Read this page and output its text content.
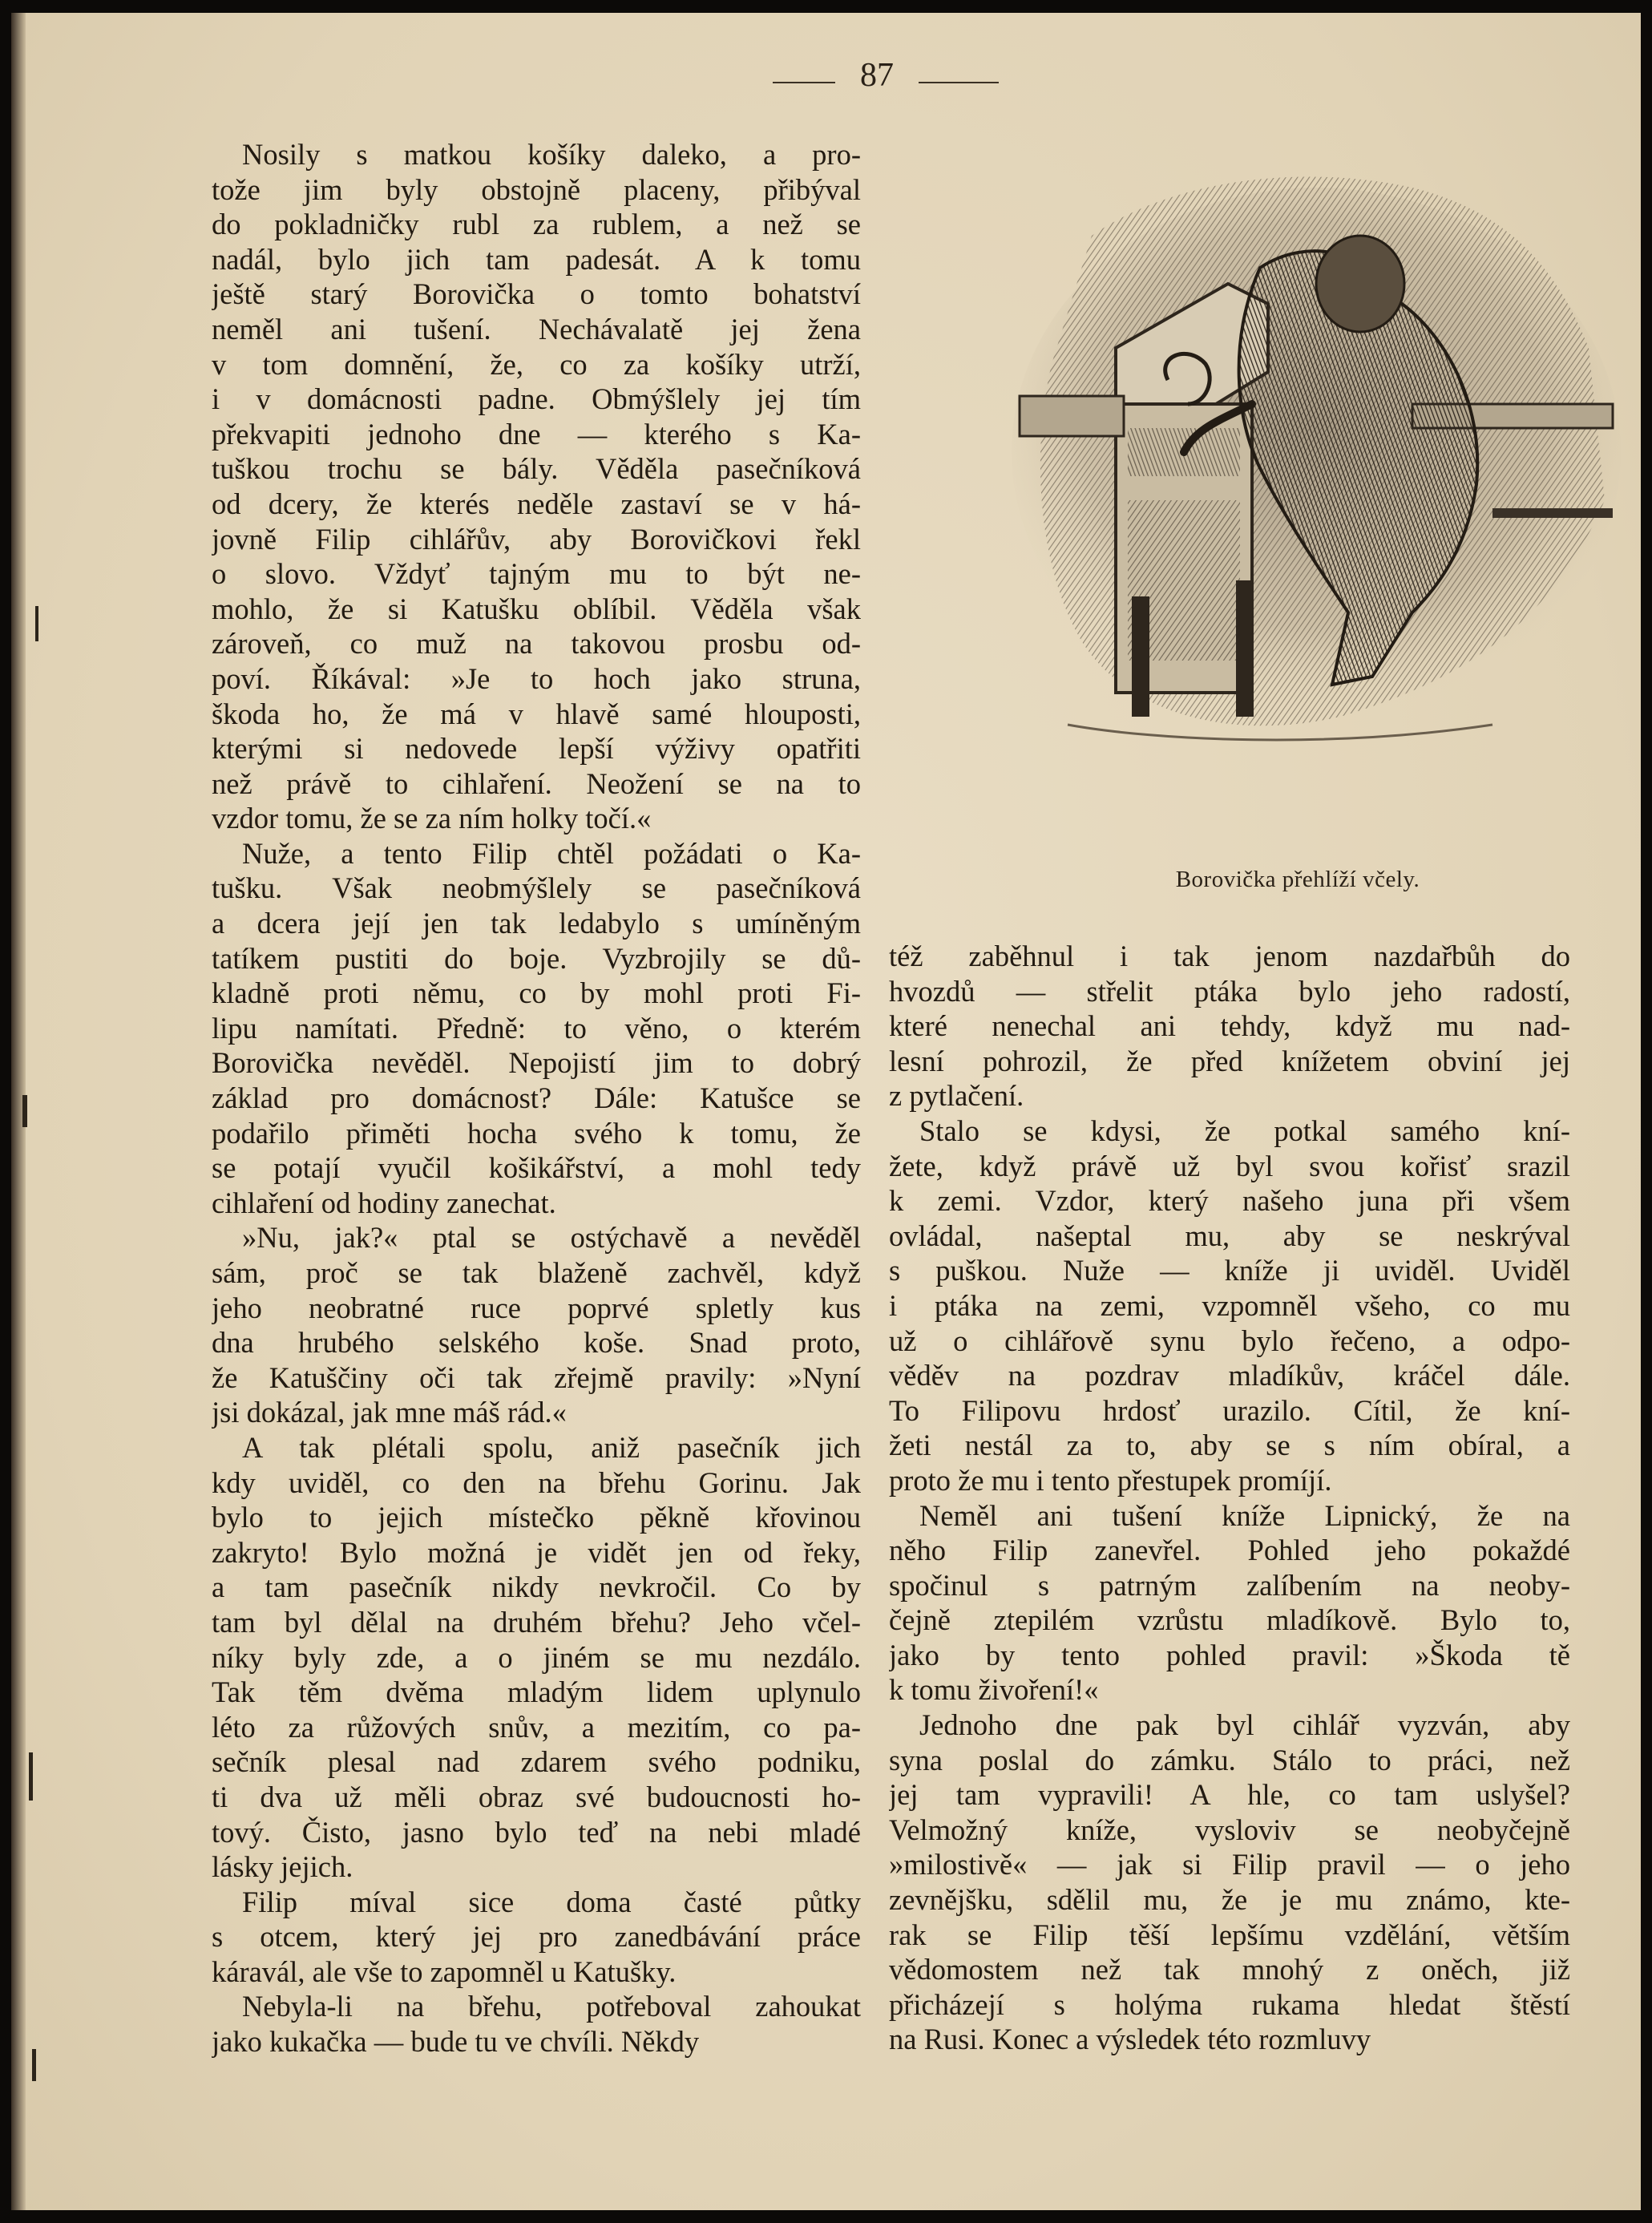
87
Nosily s matkou košíky daleko, a pro-
tože jim byly obstojně placeny, přibýval
do pokladničky rubl za rublem, a než se
nadál, bylo jich tam padesát. A k tomu
ještě starý Borovička o tomto bohatství
neměl ani tušení. Nechávalatě jej žena
v tom domnění, že, co za košíky utrží,
i v domácnosti padne. Obmýšlely jej tím
překvapiti jednoho dne — kterého s Ka-
tuškou trochu se bály. Věděla pasečníková
od dcery, že kterés neděle zastaví se v há-
jovně Filip cihlářův, aby Borovičkovi řekl
o slovo. Vždyť tajným mu to být ne-
mohlo, že si Katušku oblíbil. Věděla však
zároveň, co muž na takovou prosbu od-
poví. Říkával: »Je to hoch jako struna,
škoda ho, že má v hlavě samé hlouposti,
kterými si nedovede lepší výživy opatřiti
než právě to cihlaření. Neožení se na to
vzdor tomu, že se za ním holky točí.«
Nuže, a tento Filip chtěl požádati o Ka-
tušku. Však neobmýšlely se pasečníková
a dcera její jen tak ledabylo s umíněným
tatíkem pustiti do boje. Vyzbrojily se dů-
kladně proti němu, co by mohl proti Fi-
lipu namítati. Předně: to věno, o kterém
Borovička nevěděl. Nepojistí jim to dobrý
základ pro domácnost? Dále: Katušce se
podařilo přiměti hocha svého k tomu, že
se potají vyučil košikářství, a mohl tedy
cihlaření od hodiny zanechat.
»Nu, jak?« ptal se ostýchavě a nevěděl
sám, proč se tak blaženě zachvěl, když
jeho neobratné ruce poprvé spletly kus
dna hrubého selského koše. Snad proto,
že Katuščiny oči tak zřejmě pravily: »Nyní
jsi dokázal, jak mne máš rád.«
A tak plétali spolu, aniž pasečník jich
kdy uviděl, co den na břehu Gorinu. Jak
bylo to jejich místečko pěkně křovinou
zakryto! Bylo možná je vidět jen od řeky,
a tam pasečník nikdy nevkročil. Co by
tam byl dělal na druhém břehu? Jeho včel-
níky byly zde, a o jiném se mu nezdálo.
Tak těm dvěma mladým lidem uplynulo
léto za růžových snův, a mezitím, co pa-
sečník plesal nad zdarem svého podniku,
ti dva už měli obraz své budoucnosti ho-
tový. Čisto, jasno bylo teď na nebi mladé
lásky jejich.
Filip míval sice doma časté půtky
s otcem, který jej pro zanedbávání práce
káravál, ale vše to zapomněl u Katušky.
Nebyla-li na břehu, potřeboval zahoukat
jako kukačka — bude tu ve chvíli. Někdy
Borovička přehlíží včely.
též zaběhnul i tak jenom nazdařbůh do
hvozdů — střelit ptáka bylo jeho radostí,
které nenechal ani tehdy, když mu nad-
lesní pohrozil, že před knížetem obviní jej
z pytlačení.
Stalo se kdysi, že potkal samého kní-
žete, když právě už byl svou kořisť srazil
k zemi. Vzdor, který našeho juna při všem
ovládal, našeptal mu, aby se neskrýval
s puškou. Nuže — kníže ji uviděl. Uviděl
i ptáka na zemi, vzpomněl všeho, co mu
už o cihlářově synu bylo řečeno, a odpo-
věděv na pozdrav mladíkův, kráčel dále.
To Filipovu hrdosť urazilo. Cítil, že kní-
žeti nestál za to, aby se s ním obíral, a
proto že mu i tento přestupek promíjí.
Neměl ani tušení kníže Lipnický, že na
něho Filip zanevřel. Pohled jeho pokaždé
spočinul s patrným zalíbením na neoby-
čejně ztepilém vzrůstu mladíkově. Bylo to,
jako by tento pohled pravil: »Škoda tě
k tomu živoření!«
Jednoho dne pak byl cihlář vyzván, aby
syna poslal do zámku. Stálo to práci, než
jej tam vypravili! A hle, co tam uslyšel?
Velmožný kníže, vysloviv se neobyčejně
»milostivě« — jak si Filip pravil — o jeho
zevnějšku, sdělil mu, že je mu známo, kte-
rak se Filip těší lepšímu vzdělání, větším
vědomostem než tak mnohý z oněch, již
přicházejí s holýma rukama hledat štěstí
na Rusi. Konec a výsledek této rozmluvy
